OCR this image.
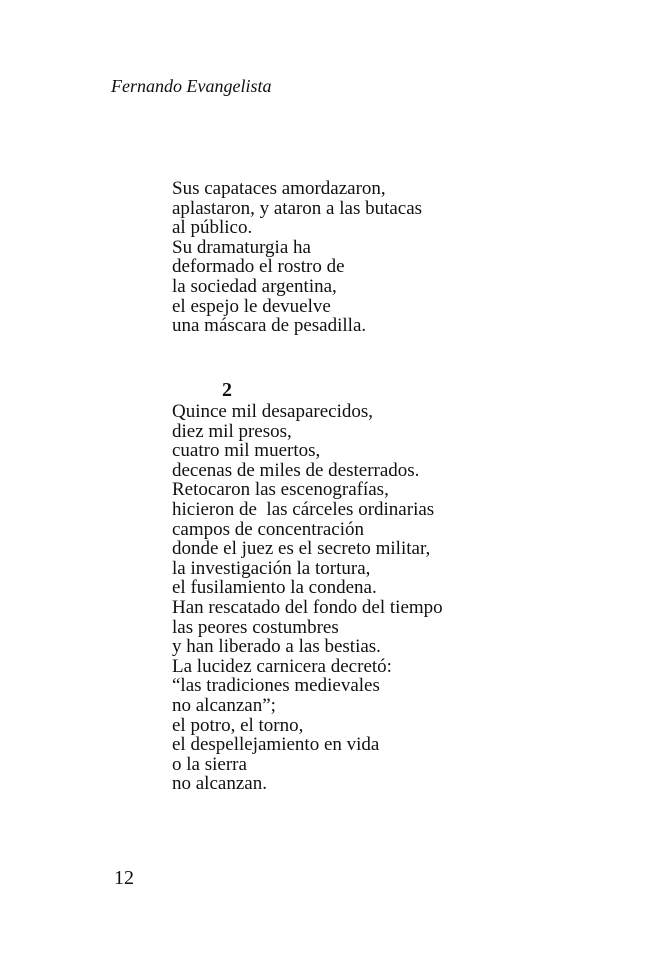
Fernando Evangelista
Sus capataces amordazaron,
aplastaron, y ataron a las butacas
al público.
Su dramaturgia ha
deformado el rostro de
la sociedad argentina,
el espejo le devuelve
una máscara de pesadilla.
2
Quince mil desaparecidos,
diez mil presos,
cuatro mil muertos,
decenas de miles de desterrados.
Retocaron las escenografías,
hicieron de  las cárceles ordinarias
campos de concentración
donde el juez es el secreto militar,
la investigación la tortura,
el fusilamiento la condena.
Han rescatado del fondo del tiempo
las peores costumbres
y han liberado a las bestias.
La lucidez carnicera decretó:
“las tradiciones medievales
no alcanzan”;
el potro, el torno,
el despellejamiento en vida
o la sierra
no alcanzan.
12
